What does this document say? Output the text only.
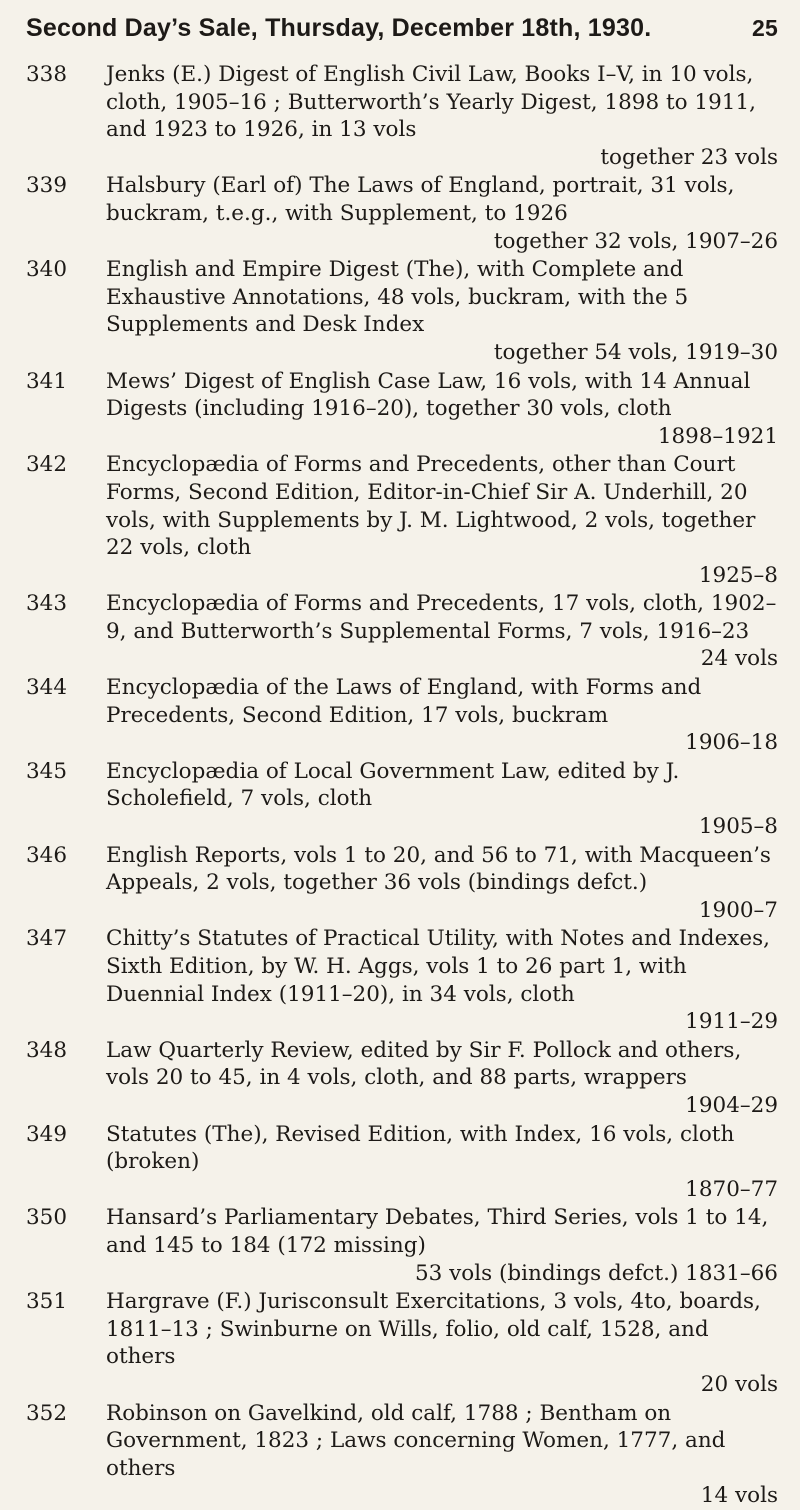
Second Day’s Sale, Thursday, December 18th, 1930.	25
338	Jenks (E.) Digest of English Civil Law, Books I–V, in 10 vols, cloth, 1905–16 ; Butterworth’s Yearly Digest, 1898 to 1911, and 1923 to 1926, in 13 vols
together 23 vols
339	Halsbury (Earl of) The Laws of England, portrait, 31 vols, buckram, t.e.g., with Supplement, to 1926
together 32 vols, 1907–26
340	English and Empire Digest (The), with Complete and Exhaustive Annotations, 48 vols, buckram, with the 5 Supplements and Desk Index
together 54 vols, 1919–30
341	Mews’ Digest of English Case Law, 16 vols, with 14 Annual Digests (including 1916–20), together 30 vols, cloth
1898–1921
342	Encyclopædia of Forms and Precedents, other than Court Forms, Second Edition, Editor-in-Chief Sir A. Underhill, 20 vols, with Supplements by J. M. Lightwood, 2 vols, together 22 vols, cloth
1925–8
343	Encyclopædia of Forms and Precedents, 17 vols, cloth, 1902–9, and Butterworth’s Supplemental Forms, 7 vols, 1916–23
24 vols
344	Encyclopædia of the Laws of England, with Forms and Precedents, Second Edition, 17 vols, buckram
1906–18
345	Encyclopædia of Local Government Law, edited by J. Scholefield, 7 vols, cloth
1905–8
346	English Reports, vols 1 to 20, and 56 to 71, with Macqueen’s Appeals, 2 vols, together 36 vols (bindings defct.)
1900–7
347	Chitty’s Statutes of Practical Utility, with Notes and Indexes, Sixth Edition, by W. H. Aggs, vols 1 to 26 part 1, with Duennial Index (1911–20), in 34 vols, cloth
1911–29
348	Law Quarterly Review, edited by Sir F. Pollock and others, vols 20 to 45, in 4 vols, cloth, and 88 parts, wrappers
1904–29
349	Statutes (The), Revised Edition, with Index, 16 vols, cloth (broken)
1870–77
350	Hansard’s Parliamentary Debates, Third Series, vols 1 to 14, and 145 to 184 (172 missing)
53 vols (bindings defct.) 1831–66
351	Hargrave (F.) Jurisconsult Exercitations, 3 vols, 4to, boards, 1811–13 ; Swinburne on Wills, folio, old calf, 1528, and others
20 vols
352	Robinson on Gavelkind, old calf, 1788 ; Bentham on Government, 1823 ; Laws concerning Women, 1777, and others
14 vols
